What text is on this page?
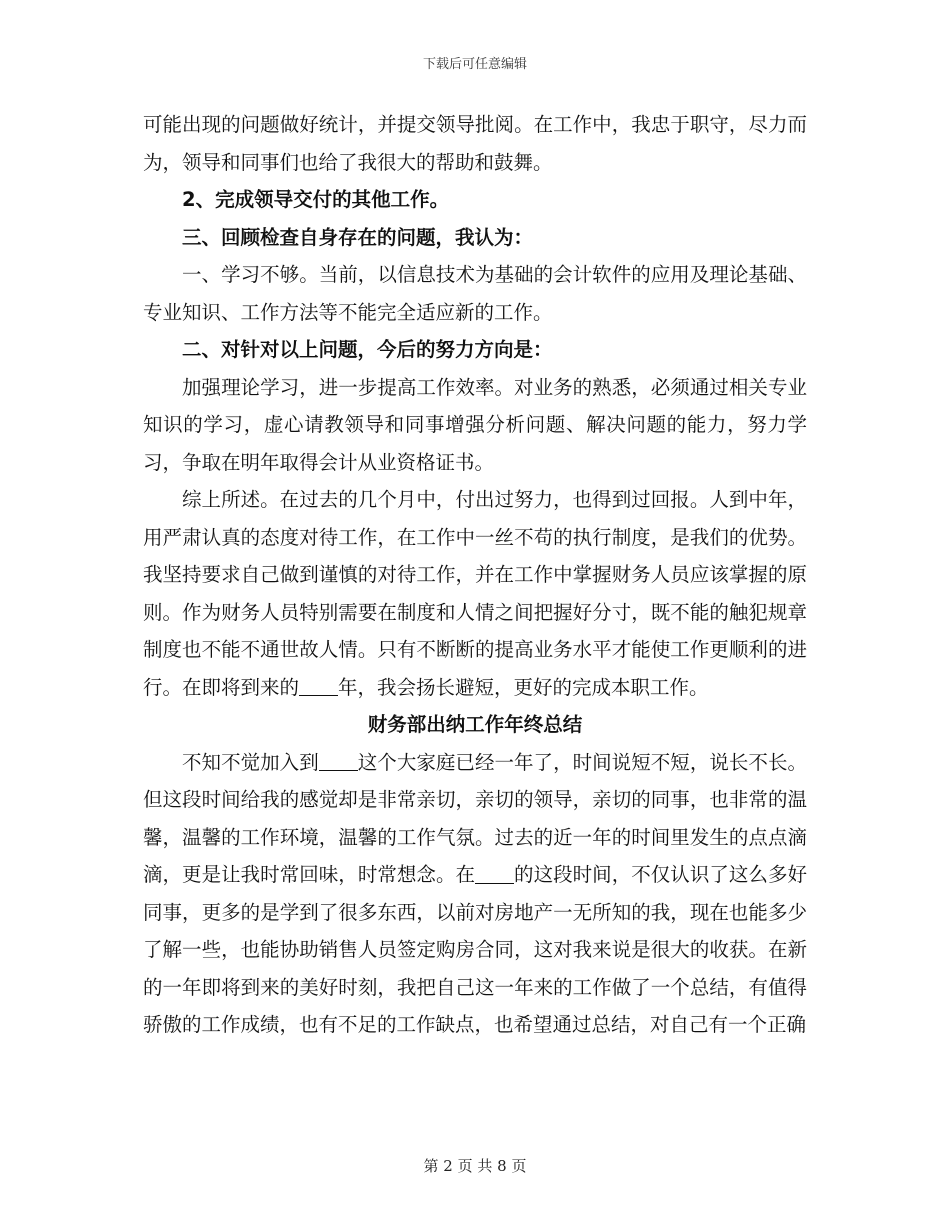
下载后可任意编辑

可能出现的问题做好统计，并提交领导批阅。在工作中，我忠于职守，尽力而为，领导和同事们也给了我很大的帮助和鼓舞。

2、完成领导交付的其他工作。

三、回顾检查自身存在的问题，我认为：

一、学习不够。当前，以信息技术为基础的会计软件的应用及理论基础、专业知识、工作方法等不能完全适应新的工作。

二、对针对以上问题，今后的努力方向是：

加强理论学习，进一步提高工作效率。对业务的熟悉，必须通过相关专业知识的学习，虚心请教领导和同事增强分析问题、解决问题的能力，努力学习，争取在明年取得会计从业资格证书。

综上所述。在过去的几个月中，付出过努力，也得到过回报。人到中年，用严肃认真的态度对待工作，在工作中一丝不苟的执行制度，是我们的优势。我坚持要求自己做到谨慎的对待工作，并在工作中掌握财务人员应该掌握的原则。作为财务人员特别需要在制度和人情之间把握好分寸，既不能的触犯规章制度也不能不通世故人情。只有不断断的提高业务水平才能使工作更顺利的进行。在即将到来的 年，我会扬长避短，更好的完成本职工作。

财务部出纳工作年终总结

不知不觉加入到 这个大家庭已经一年了，时间说短不短，说长不长。但这段时间给我的感觉却是非常亲切，亲切的领导，亲切的同事，也非常的温馨，温馨的工作环境，温馨的工作气氛。过去的近一年的时间里发生的点点滴滴，更是让我时常回味，时常想念。在 的这段时间，不仅认识了这么多好同事，更多的是学到了很多东西，以前对房地产一无所知的我，现在也能多少了解一些，也能协助销售人员签定购房合同，这对我来说是很大的收获。在新的一年即将到来的美好时刻，我把自己这一年来的工作做了一个总结，有值得骄傲的工作成绩，也有不足的工作缺点，也希望通过总结，对自己有一个正确

第 2 页 共 8 页
